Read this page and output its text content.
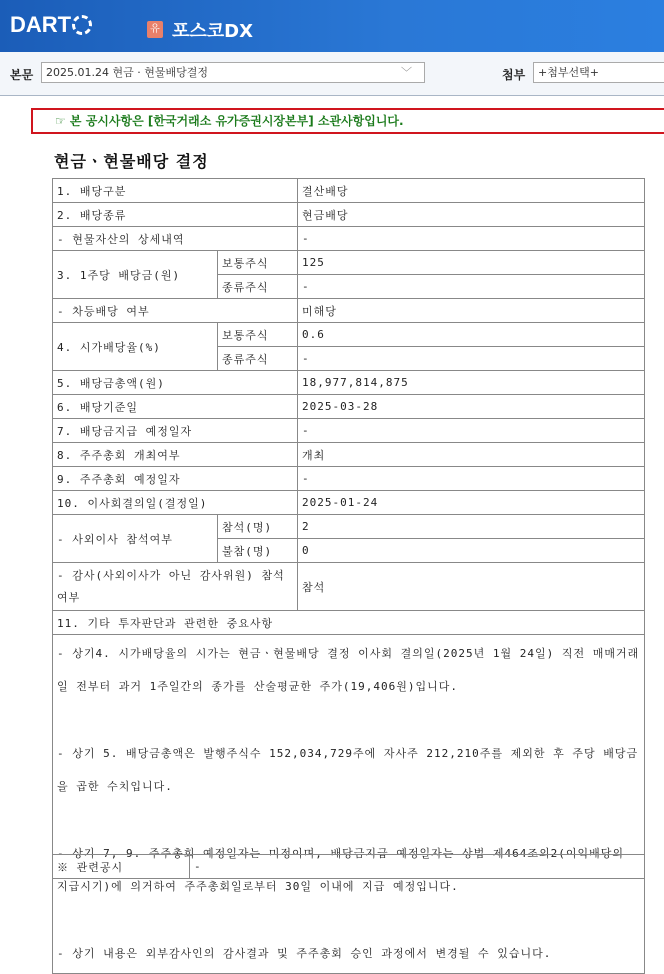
DART	유 포스코DX
본문	2025.01.24 현금 · 현물배당결정	﹀	첨부	+첨부선택+
☞ 본 공시사항은 [한국거래소 유가증권시장본부] 소관사항입니다.
현금ㆍ현물배당 결정
1. 배당구분		결산배당
2. 배당종류		현금배당
- 현물자산의 상세내역		-
3. 1주당 배당금(원)	보통주식	125
	종류주식	-
- 차등배당 여부		미해당
4. 시가배당율(%)	보통주식	0.6
	종류주식	-
5. 배당금총액(원)		18,977,814,875
6. 배당기준일		2025-03-28
7. 배당금지급 예정일자		-
8. 주주총회 개최여부		개최
9. 주주총회 예정일자		-
10. 이사회결의일(결정일)		2025-01-24
- 사외이사 참석여부	참석(명)	2
	불참(명)	0
- 감사(사외이사가 아닌 감사위원) 참석여부		참석
11. 기타 투자판단과 관련한 중요사항		

- 상기4. 시가배당율의 시가는 현금ㆍ현물배당 결정 이사회 결의일(2025년 1월 24일) 직전 매매거래일 전부터 과거 1주일간의 종가를 산술평균한 주가(19,406원)입니다.

- 상기 5. 배당금총액은 발행주식수 152,034,729주에 자사주 212,210주를 제외한 후 주당 배당금을 곱한 수치입니다.

- 상기 7, 9. 주주총회 예정일자는 미정이며, 배당금지급 예정일자는 상법 제464조의2(이익배당의 지급시기)에 의거하여 주주총회일로부터 30일 이내에 지급 예정입니다.

- 상기 내용은 외부감사인의 감사결과 및 주주총회 승인 과정에서 변경될 수 있습니다.		

※ 관련공시	-
